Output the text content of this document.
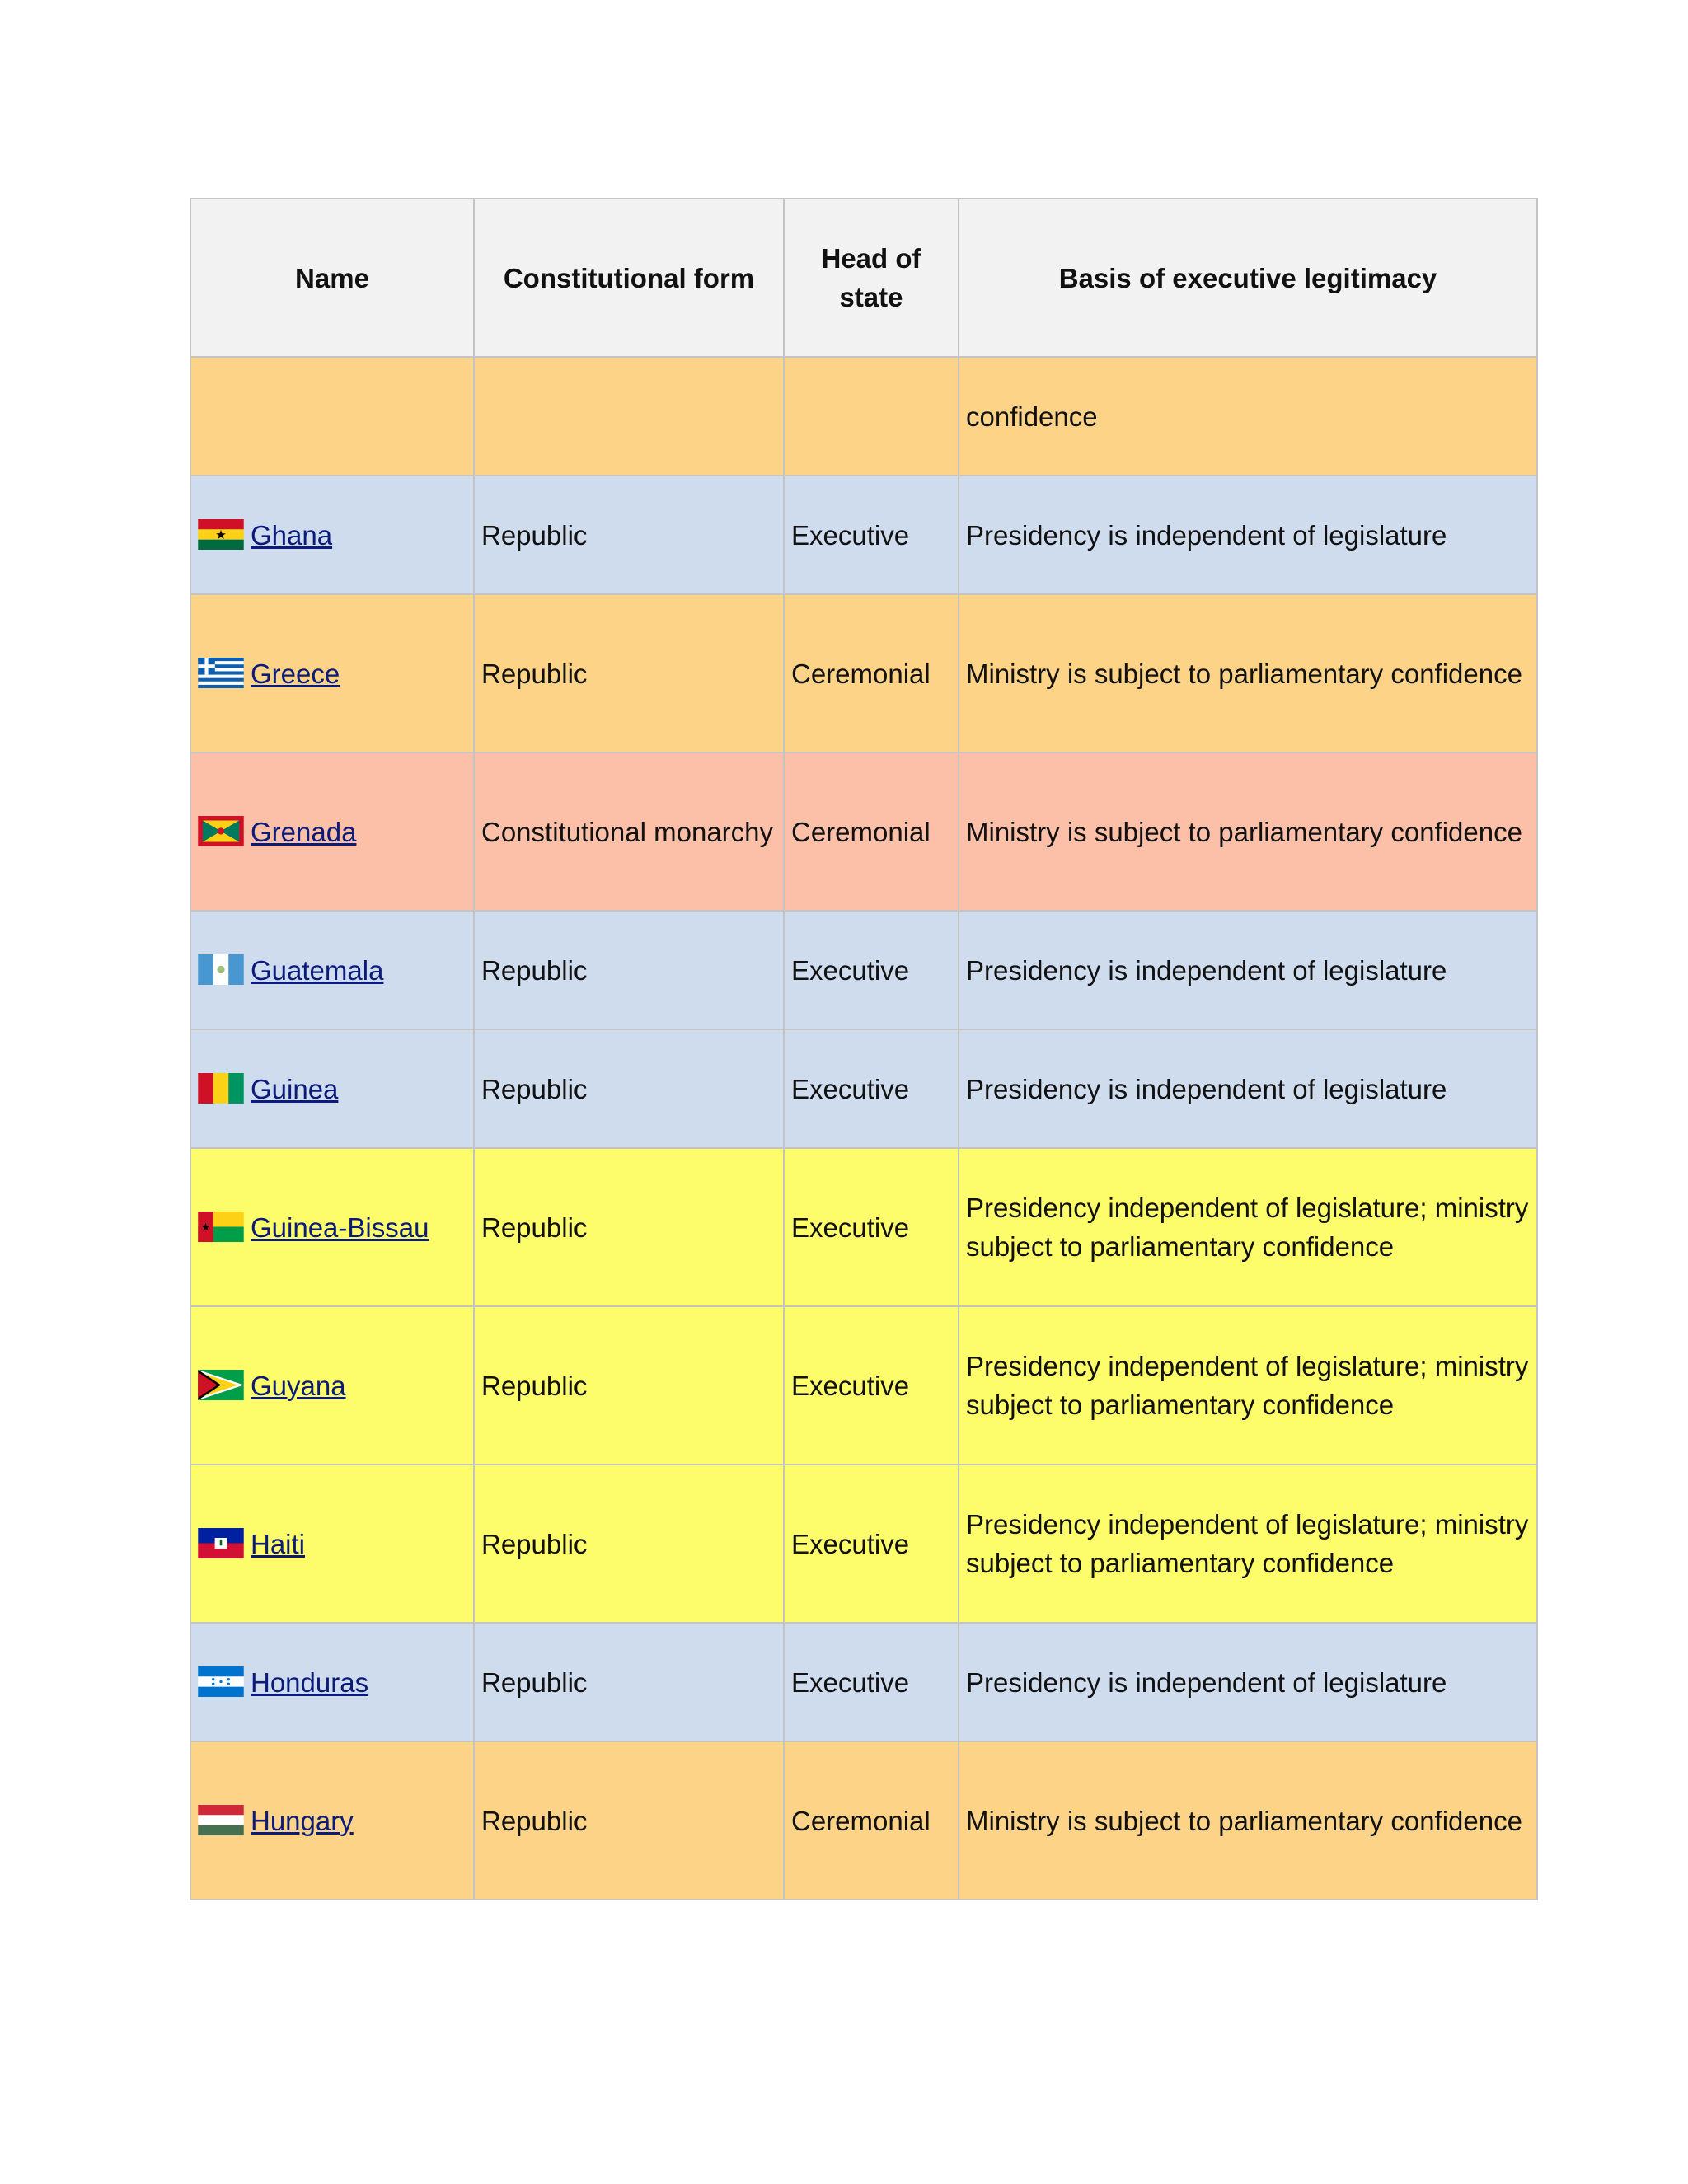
Name	Constitutional form	Head of state	Basis of executive legitimacy
			confidence
Ghana	Republic	Executive	Presidency is independent of legislature
Greece	Republic	Ceremonial	Ministry is subject to parliamentary confidence
Grenada	Constitutional monarchy	Ceremonial	Ministry is subject to parliamentary confidence
Guatemala	Republic	Executive	Presidency is independent of legislature
Guinea	Republic	Executive	Presidency is independent of legislature
Guinea-Bissau	Republic	Executive	Presidency independent of legislature; ministry subject to parliamentary confidence
Guyana	Republic	Executive	Presidency independent of legislature; ministry subject to parliamentary confidence
Haiti	Republic	Executive	Presidency independent of legislature; ministry subject to parliamentary confidence
Honduras	Republic	Executive	Presidency is independent of legislature
Hungary	Republic	Ceremonial	Ministry is subject to parliamentary confidence
